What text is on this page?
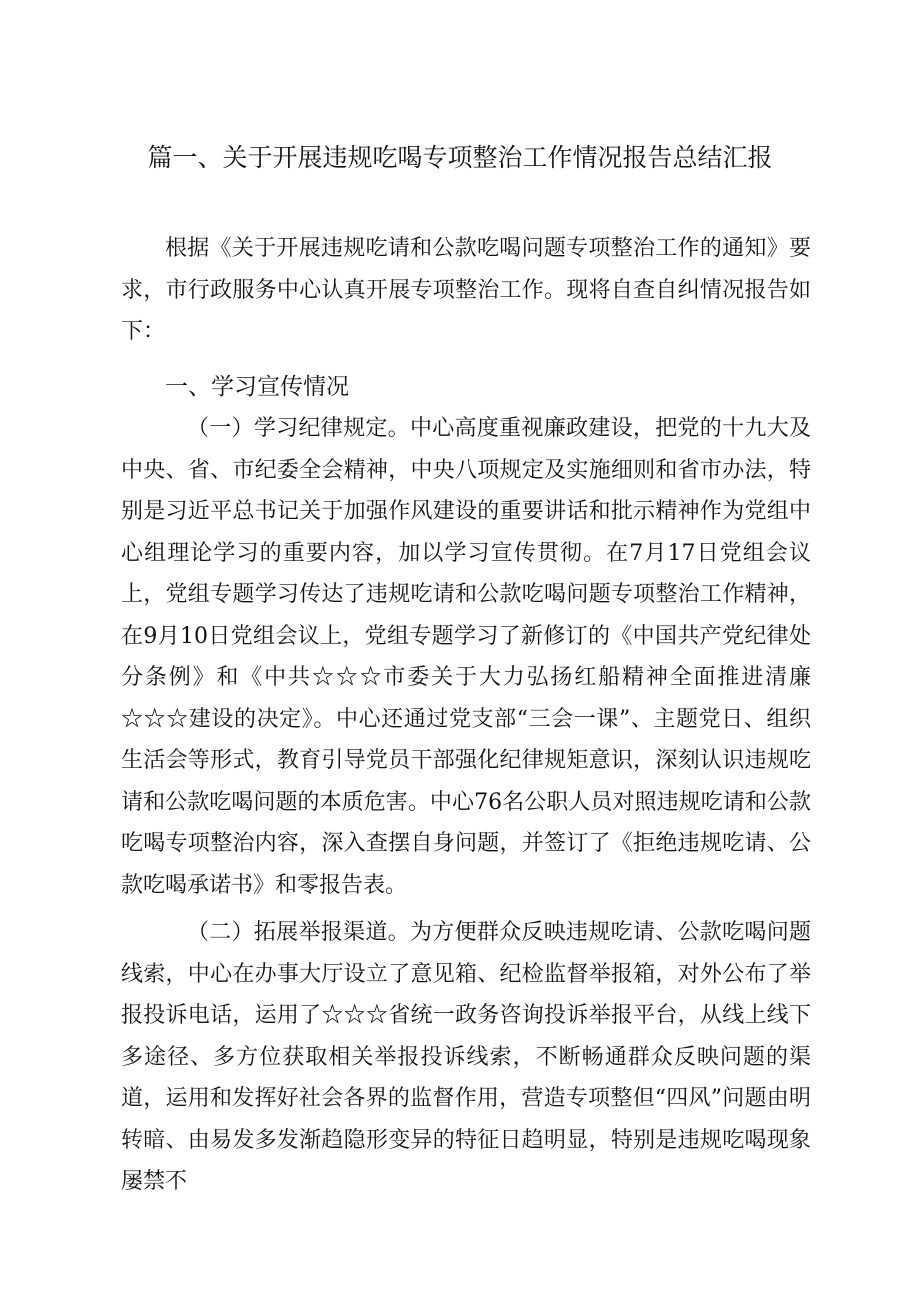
篇一、关于开展违规吃喝专项整治工作情况报告总结汇报

根据《关于开展违规吃请和公款吃喝问题专项整治工作的通知》要求，市行政服务中心认真开展专项整治工作。现将自查自纠情况报告如下：

一、学习宣传情况

（一）学习纪律规定。中心高度重视廉政建设，把党的十九大及中央、省、市纪委全会精神，中央八项规定及实施细则和省市办法，特别是习近平总书记关于加强作风建设的重要讲话和批示精神作为党组中心组理论学习的重要内容，加以学习宣传贯彻。在7月17日党组会议上，党组专题学习传达了违规吃请和公款吃喝问题专项整治工作精神，在9月10日党组会议上，党组专题学习了新修订的《中国共产党纪律处分条例》和《中共☆☆☆市委关于大力弘扬红船精神全面推进清廉☆☆☆建设的决定》。中心还通过党支部“三会一课”、主题党日、组织生活会等形式，教育引导党员干部强化纪律规矩意识，深刻认识违规吃请和公款吃喝问题的本质危害。中心76名公职人员对照违规吃请和公款吃喝专项整治内容，深入查摆自身问题，并签订了《拒绝违规吃请、公款吃喝承诺书》和零报告表。

（二）拓展举报渠道。为方便群众反映违规吃请、公款吃喝问题线索，中心在办事大厅设立了意见箱、纪检监督举报箱，对外公布了举报投诉电话，运用了☆☆☆省统一政务咨询投诉举报平台，从线上线下多途径、多方位获取相关举报投诉线索，不断畅通群众反映问题的渠道，运用和发挥好社会各界的监督作用，营造专项整但“四风”问题由明转暗、由易发多发渐趋隐形变异的特征日趋明显，特别是违规吃喝现象屡禁不
